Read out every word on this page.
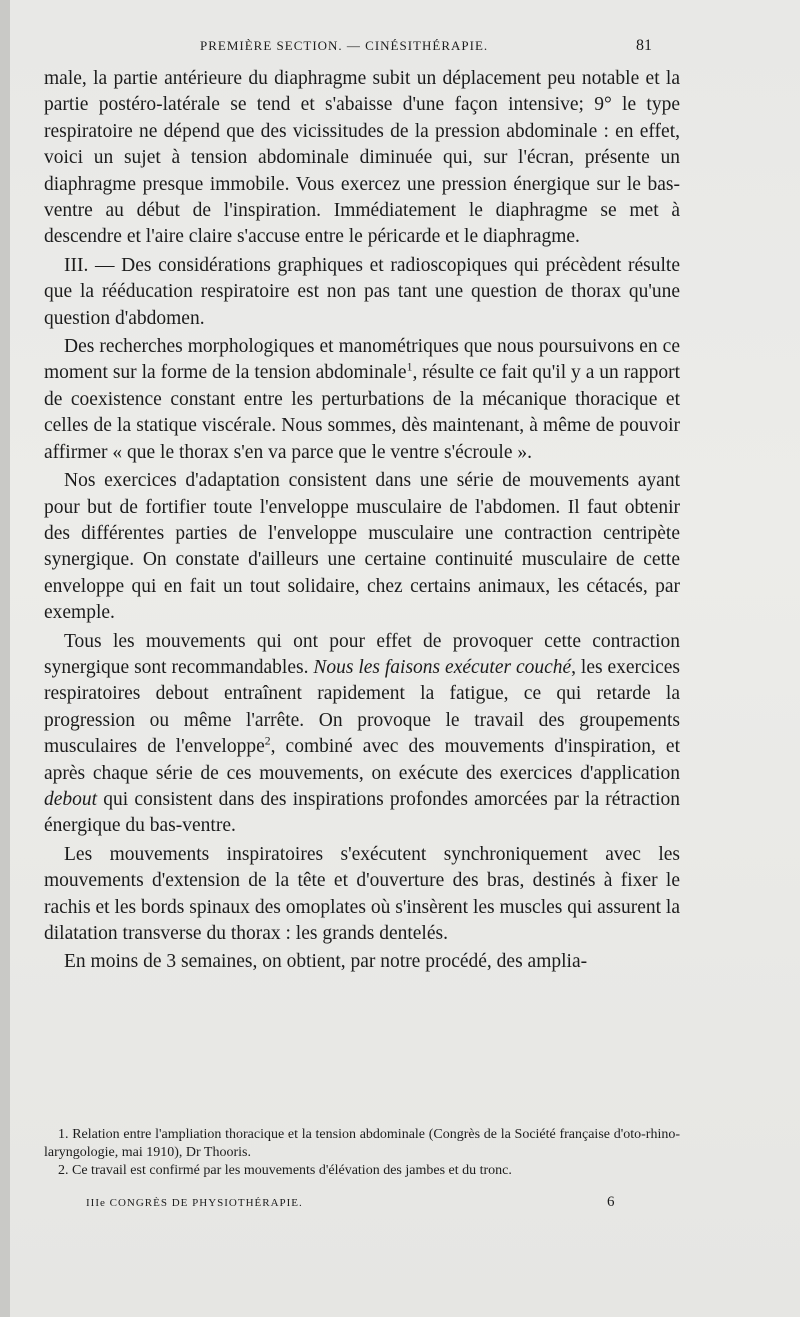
PREMIÈRE SECTION. — CINÉSITHÉRAPIE.	81

male, la partie antérieure du diaphragme subit un déplacement peu notable et la partie postéro-latérale se tend et s'abaisse d'une façon intensive; 9° le type respiratoire ne dépend que des vicissitudes de la pression abdominale : en effet, voici un sujet à tension abdominale diminuée qui, sur l'écran, présente un diaphragme presque immobile. Vous exercez une pression énergique sur le bas-ventre au début de l'inspiration. Immédiatement le diaphragme se met à descendre et l'aire claire s'accuse entre le péricarde et le diaphragme.

III. — Des considérations graphiques et radioscopiques qui précèdent résulte que la rééducation respiratoire est non pas tant une question de thorax qu'une question d'abdomen.

Des recherches morphologiques et manométriques que nous poursuivons en ce moment sur la forme de la tension abdominale$^1$, résulte ce fait qu'il y a un rapport de coexistence constant entre les perturbations de la mécanique thoracique et celles de la statique viscérale. Nous sommes, dès maintenant, à même de pouvoir affirmer « que le thorax s'en va parce que le ventre s'écroule ».

Nos exercices d'adaptation consistent dans une série de mouvements ayant pour but de fortifier toute l'enveloppe musculaire de l'abdomen. Il faut obtenir des différentes parties de l'enveloppe musculaire une contraction centripète synergique. On constate d'ailleurs une certaine continuité musculaire de cette enveloppe qui en fait un tout solidaire, chez certains animaux, les cétacés, par exemple.

Tous les mouvements qui ont pour effet de provoquer cette contraction synergique sont recommandables. Nous les faisons exécuter couché, les exercices respiratoires debout entraînent rapidement la fatigue, ce qui retarde la progression ou même l'arrête. On provoque le travail des groupements musculaires de l'enveloppe$^2$, combiné avec des mouvements d'inspiration, et après chaque série de ces mouvements, on exécute des exercices d'application debout qui consistent dans des inspirations profondes amorcées par la rétraction énergique du bas-ventre.

Les mouvements inspiratoires s'exécutent synchroniquement avec les mouvements d'extension de la tête et d'ouverture des bras, destinés à fixer le rachis et les bords spinaux des omoplates où s'insèrent les muscles qui assurent la dilatation transverse du thorax : les grands dentelés.

En moins de 3 semaines, on obtient, par notre procédé, des amplia-

1. Relation entre l'ampliation thoracique et la tension abdominale (Congrès de la Société française d'oto-rhino-laryngologie, mai 1910), Dr Thooris.

2. Ce travail est confirmé par les mouvements d'élévation des jambes et du tronc.

IIIe CONGRÈS DE PHYSIOTHÉRAPIE.	6
